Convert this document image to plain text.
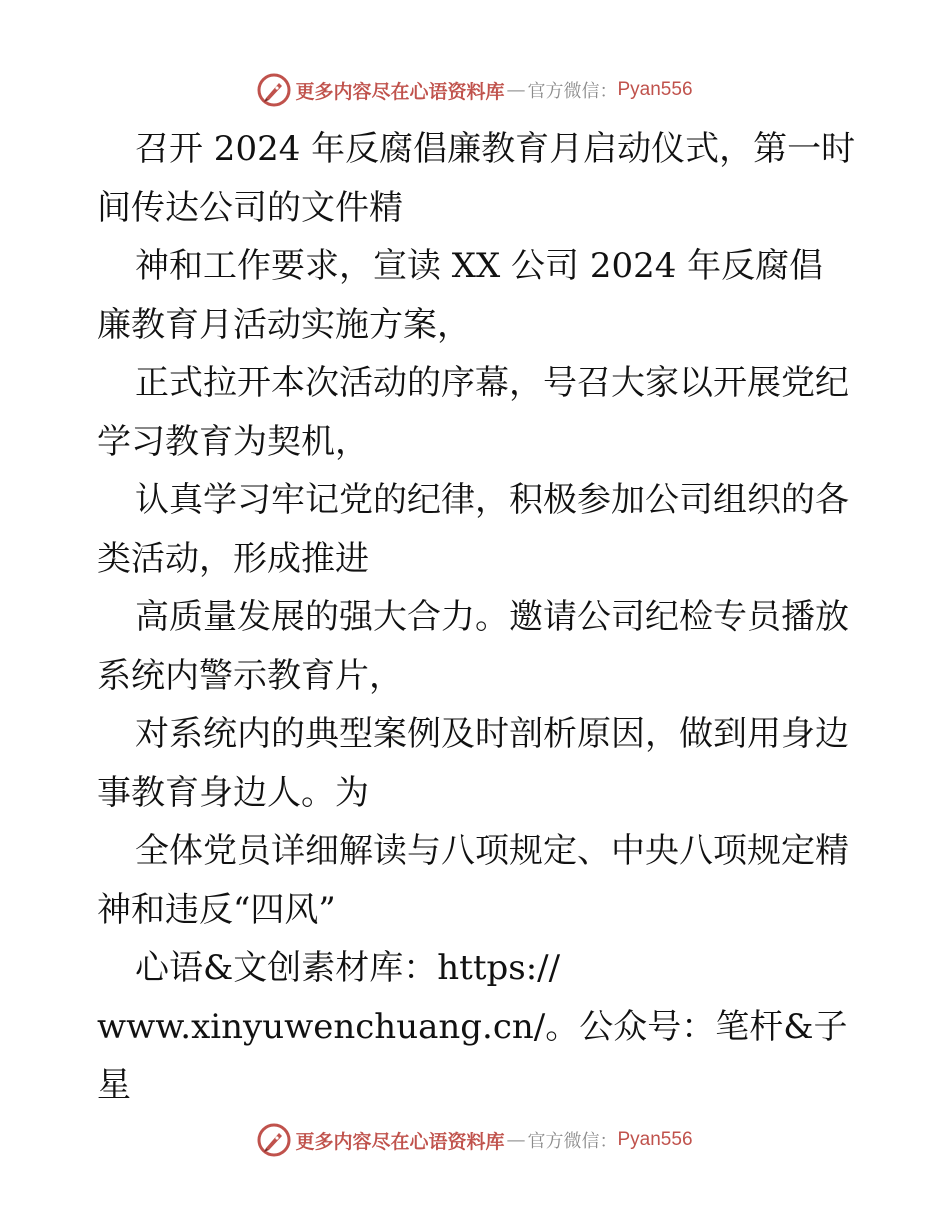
更多内容尽在心语资料库 — 官方微信： Pyan556

召开 2024 年反腐倡廉教育月启动仪式，第一时间传达公司的文件精

神和工作要求，宣读 XX 公司 2024 年反腐倡廉教育月活动实施方案，

正式拉开本次活动的序幕，号召大家以开展党纪学习教育为契机，

认真学习牢记党的纪律，积极参加公司组织的各类活动，形成推进

高质量发展的强大合力。邀请公司纪检专员播放系统内警示教育片，

对系统内的典型案例及时剖析原因，做到用身边事教育身边人。为

全体党员详细解读与八项规定、中央八项规定精神和违反“四风”

心语&文创素材库：https://

www.xinyuwenchuang.cn/。公众号：笔杆&子星

更多内容尽在心语资料库 — 官方微信： Pyan556
